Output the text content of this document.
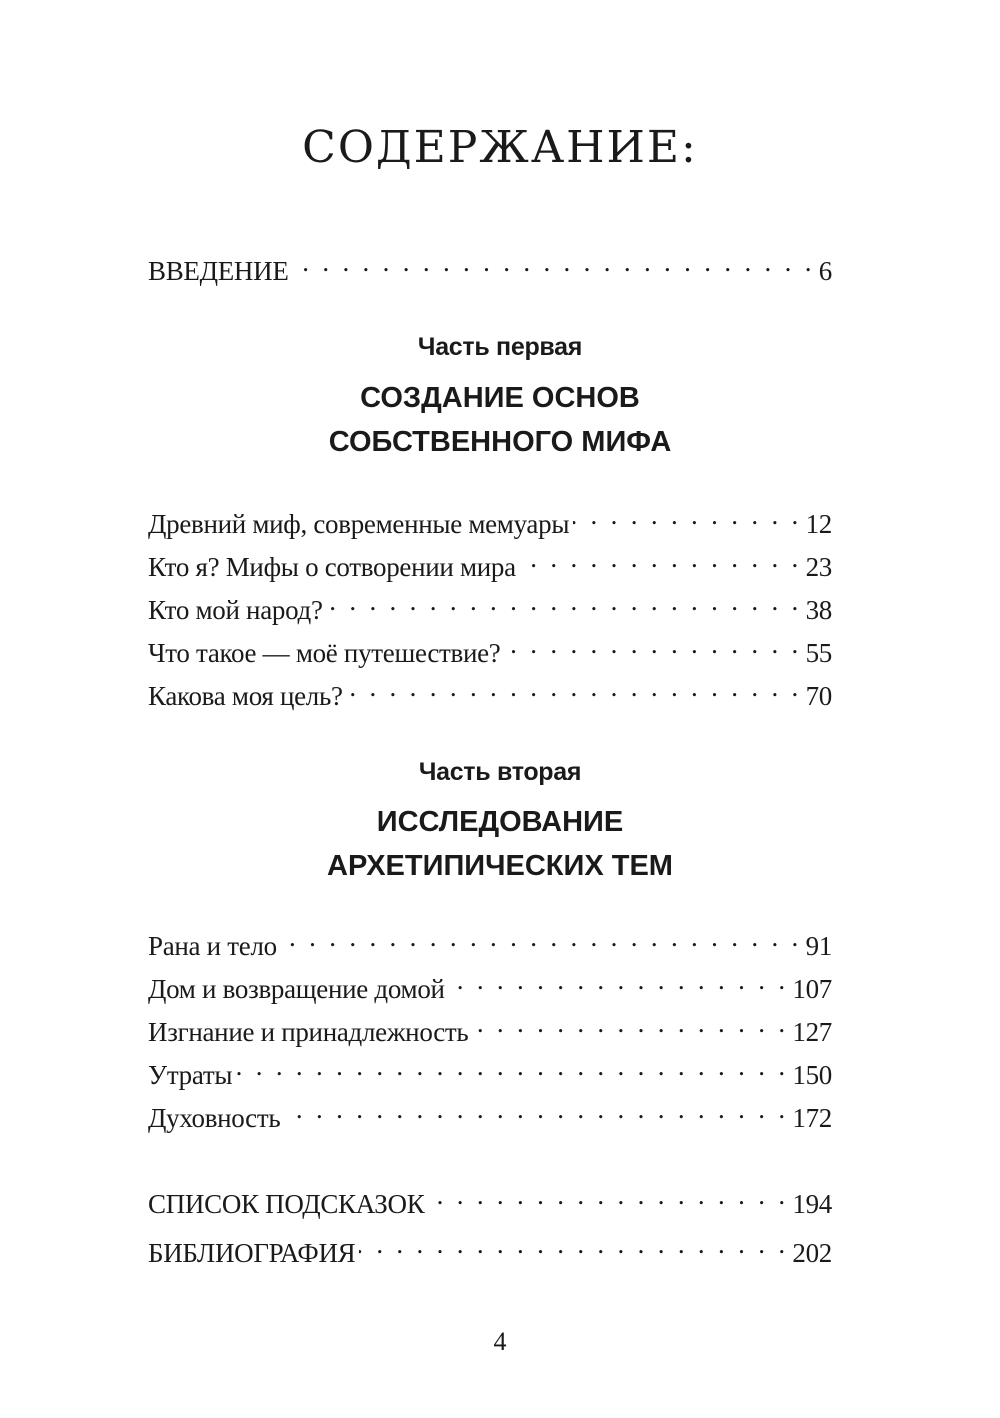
СОДЕРЖАНИЕ:
ВВЕДЕНИЕ . . .	6
Часть первая
СОЗДАНИЕ ОСНОВ
СОБСТВЕННОГО МИФА
Древний миф, современные мемуары . . .	12
Кто я? Мифы о сотворении мира . . .	23
Кто мой народ? . . .	38
Что такое — моё путешествие? . . .	55
Какова моя цель? . . .	70
Часть вторая
ИССЛЕДОВАНИЕ
АРХЕТИПИЧЕСКИХ ТЕМ
Рана и тело . . .	91
Дом и возвращение домой . . .	107
Изгнание и принадлежность . . .	127
Утраты . . .	150
Духовность . . .	172
СПИСОК ПОДСКАЗОК . . .	194
БИБЛИОГРАФИЯ . . .	202
4
